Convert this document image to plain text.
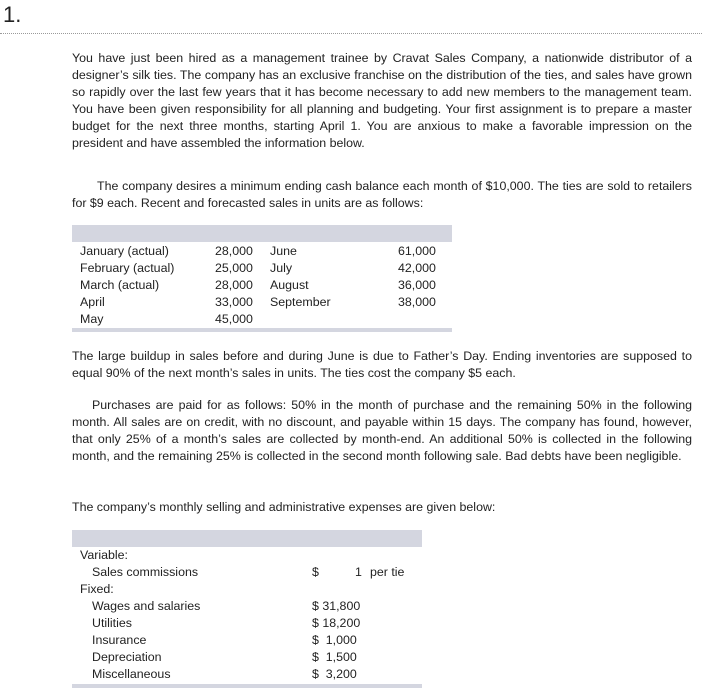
1.

You have just been hired as a management trainee by Cravat Sales Company, a nationwide distributor of a designer’s silk ties. The company has an exclusive franchise on the distribution of the ties, and sales have grown so rapidly over the last few years that it has become necessary to add new members to the management team. You have been given responsibility for all planning and budgeting. Your first assignment is to prepare a master budget for the next three months, starting April 1. You are anxious to make a favorable impression on the president and have assembled the information below.

The company desires a minimum ending cash balance each month of $10,000. The ties are sold to retailers for $9 each. Recent and forecasted sales in units are as follows:

January (actual)	28,000
February (actual)	25,000
March (actual)	28,000
April	33,000
May	45,000
June	61,000
July	42,000
August	36,000
September	38,000

The large buildup in sales before and during June is due to Father’s Day. Ending inventories are supposed to equal 90% of the next month’s sales in units. The ties cost the company $5 each.

Purchases are paid for as follows: 50% in the month of purchase and the remaining 50% in the following month. All sales are on credit, with no discount, and payable within 15 days. The company has found, however, that only 25% of a month’s sales are collected by month-end. An additional 50% is collected in the following month, and the remaining 25% is collected in the second month following sale. Bad debts have been negligible.

The company’s monthly selling and administrative expenses are given below:

Variable:
Sales commissions	$	1 per tie
Fixed:
Wages and salaries	$ 31,800
Utilities	$ 18,200
Insurance	$  1,000
Depreciation	$  1,500
Miscellaneous	$  3,200
